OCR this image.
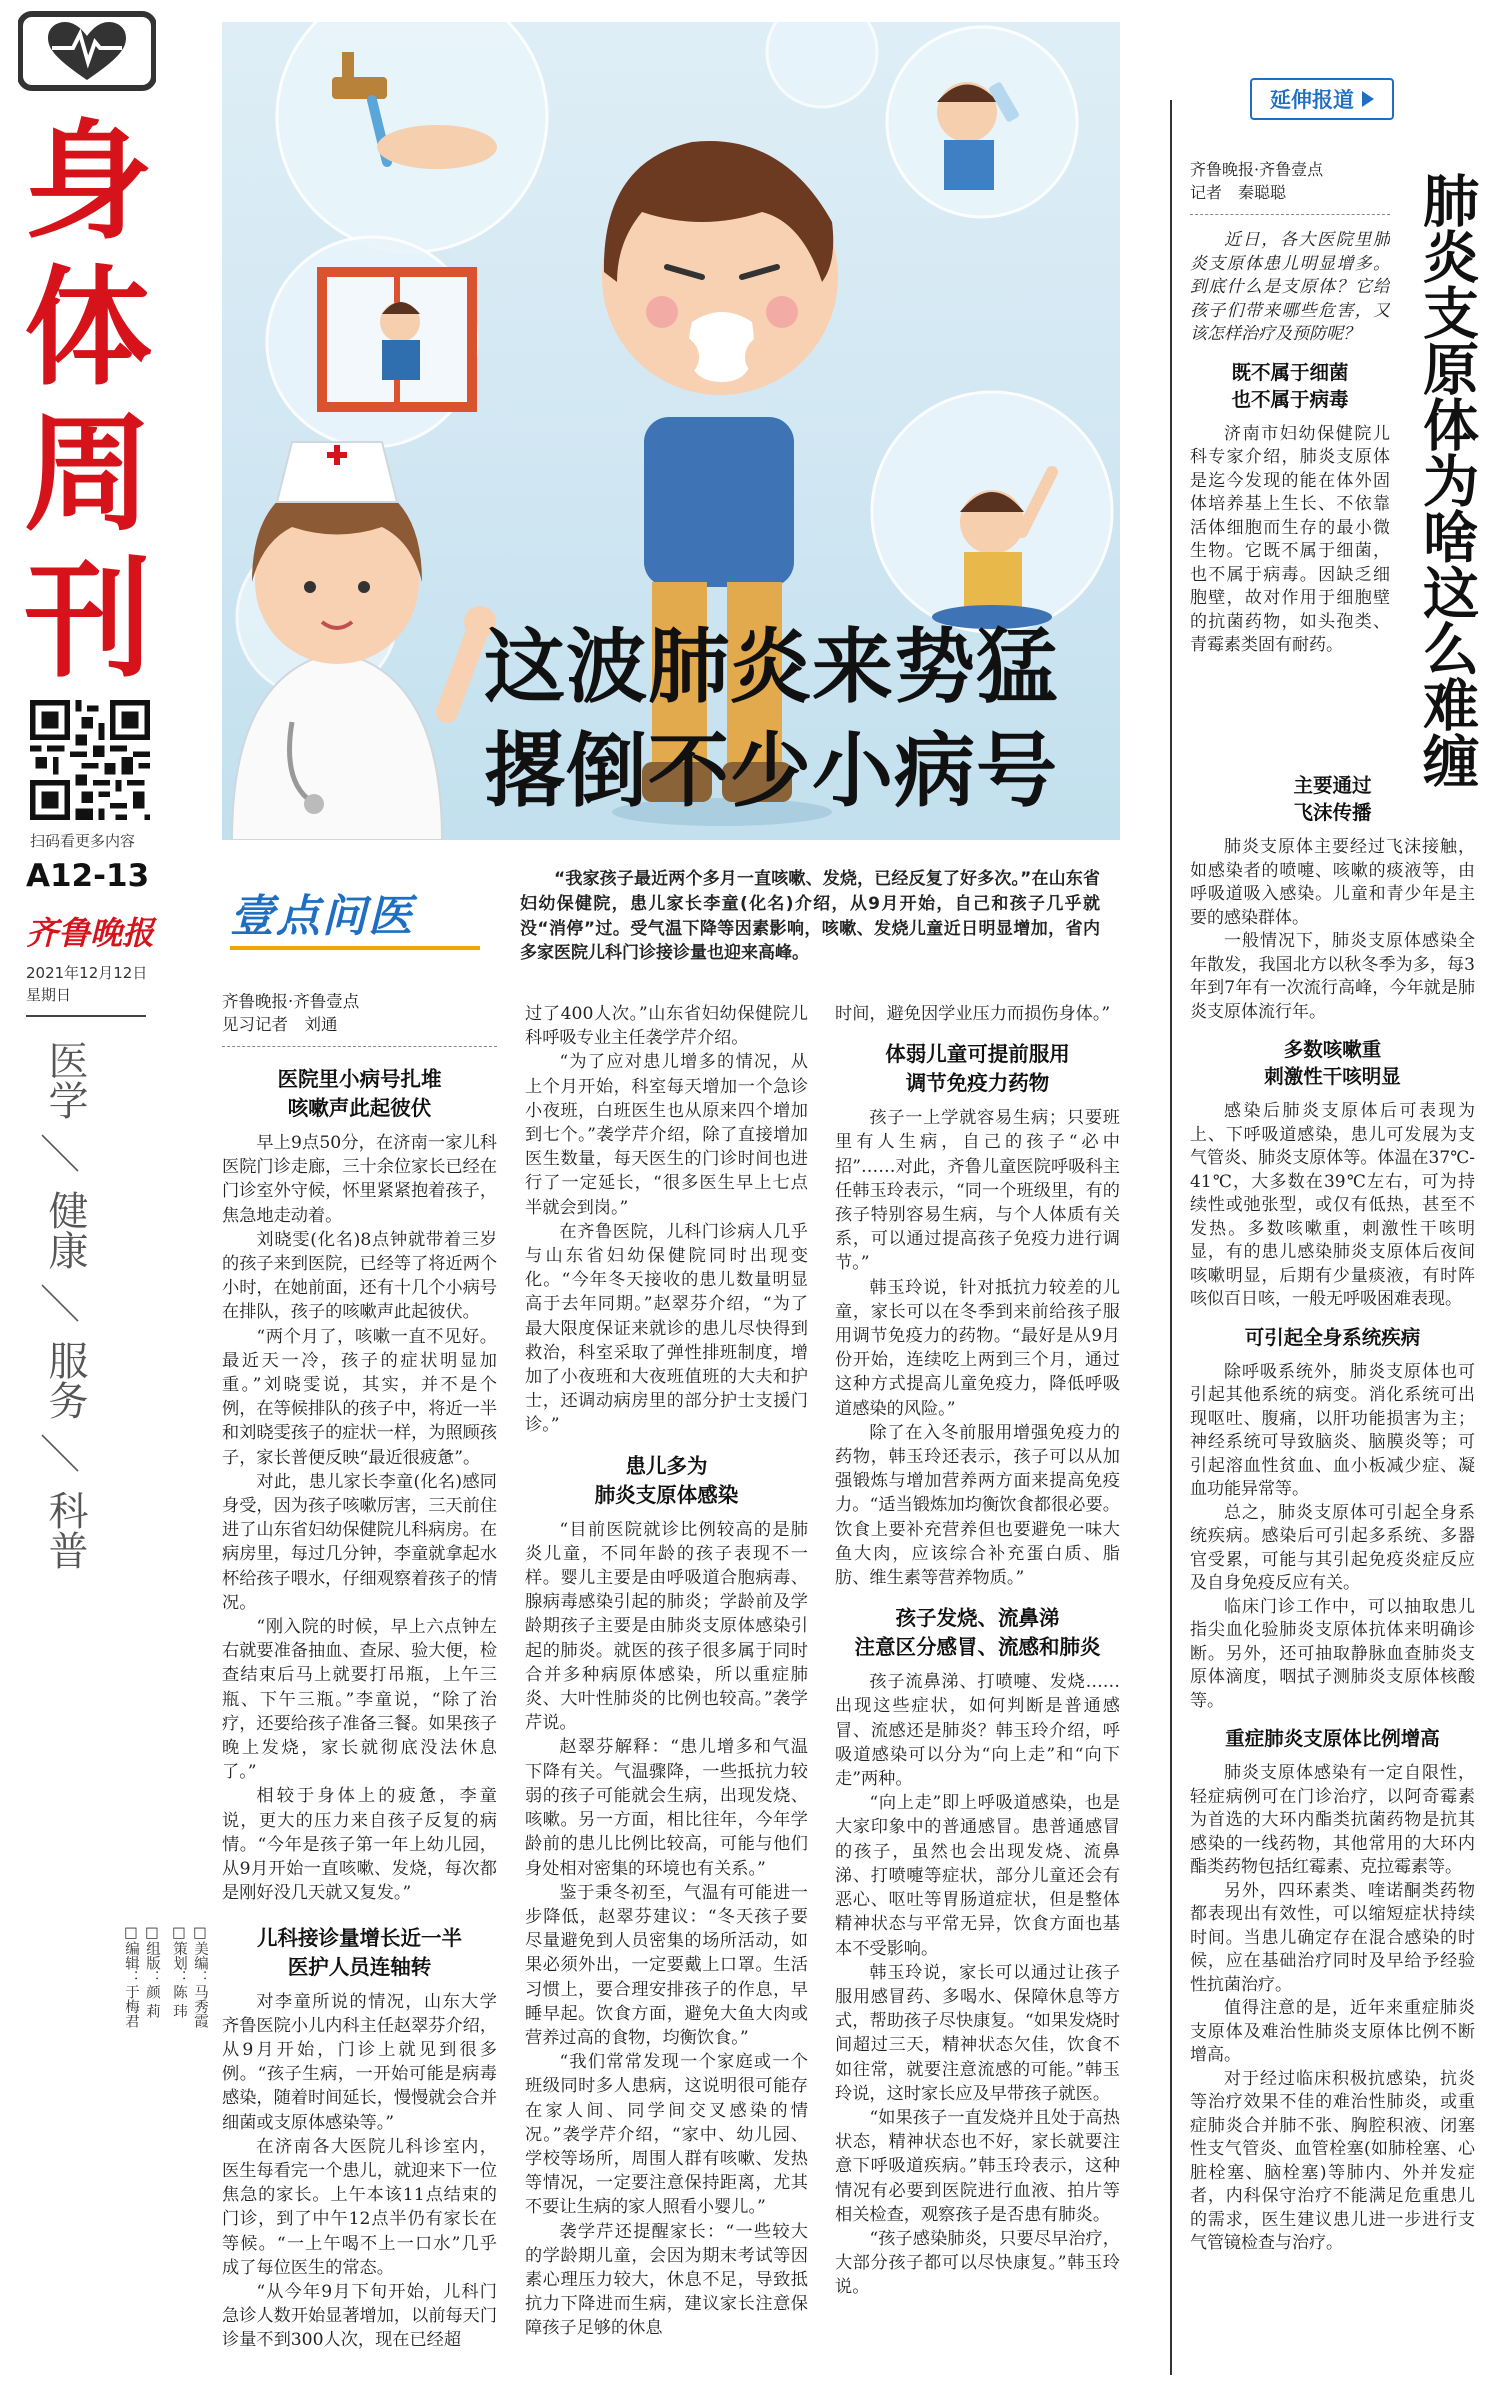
身体周刊
扫码看更多内容
A12-13
齐鲁晚报
2021年12月12日
星期日
医学
＼
健康
＼
服务
＼
科普
这波肺炎来势猛
撂倒不少小病号
壹点问医
“我家孩子最近两个多月一直咳嗽、发烧，已经反复了好多次。”在山东省妇幼保健院，患儿家长李童(化名)介绍，从9月开始，自己和孩子几乎就没“消停”过。受气温下降等因素影响，咳嗽、发烧儿童近日明显增加，省内多家医院儿科门诊接诊量也迎来高峰。
齐鲁晚报·齐鲁壹点
见习记者　刘通
医院里小病号扎堆
咳嗽声此起彼伏

早上9点50分，在济南一家儿科医院门诊走廊，三十余位家长已经在门诊室外守候，怀里紧紧抱着孩子，焦急地走动着。

刘晓雯(化名)8点钟就带着三岁的孩子来到医院，已经等了将近两个小时，在她前面，还有十几个小病号在排队，孩子的咳嗽声此起彼伏。

“两个月了，咳嗽一直不见好。最近天一冷，孩子的症状明显加重。”刘晓雯说，其实，并不是个例，在等候排队的孩子中，将近一半和刘晓雯孩子的症状一样，为照顾孩子，家长普便反映“最近很疲惫”。

对此，患儿家长李童(化名)感同身受，因为孩子咳嗽厉害，三天前住进了山东省妇幼保健院儿科病房。在病房里，每过几分钟，李童就拿起水杯给孩子喂水，仔细观察着孩子的情况。

“刚入院的时候，早上六点钟左右就要准备抽血、查尿、验大便，检查结束后马上就要打吊瓶，上午三瓶、下午三瓶。”李童说，“除了治疗，还要给孩子准备三餐。如果孩子晚上发烧，家长就彻底没法休息了。”

相较于身体上的疲惫，李童说，更大的压力来自孩子反复的病情。“今年是孩子第一年上幼儿园，从9月开始一直咳嗽、发烧，每次都是刚好没几天就又复发。”

儿科接诊量增长近一半
医护人员连轴转

对李童所说的情况，山东大学齐鲁医院小儿内科主任赵翠芬介绍，从9月开始，门诊上就见到很多例。“孩子生病，一开始可能是病毒感染，随着时间延长，慢慢就会合并细菌或支原体感染等。”

在济南各大医院儿科诊室内，医生每看完一个患儿，就迎来下一位焦急的家长。上午本该11点结束的门诊，到了中午12点半仍有家长在等候。“一上午喝不上一口水”几乎成了每位医生的常态。

“从今年9月下旬开始，儿科门急诊人数开始显著增加，以前每天门诊量不到300人次，现在已经超

□美编：马秀霞
□策划：陈 玮
□组版：颜 莉
□编辑：于梅君

过了400人次。”山东省妇幼保健院儿科呼吸专业主任袭学芹介绍。

“为了应对患儿增多的情况，从上个月开始，科室每天增加一个急诊小夜班，白班医生也从原来四个增加到七个。”袭学芹介绍，除了直接增加医生数量，每天医生的门诊时间也进行了一定延长，“很多医生早上七点半就会到岗。”

在齐鲁医院，儿科门诊病人几乎与山东省妇幼保健院同时出现变化。“今年冬天接收的患儿数量明显高于去年同期。”赵翠芬介绍，“为了最大限度保证来就诊的患儿尽快得到救治，科室采取了弹性排班制度，增加了小夜班和大夜班值班的大夫和护士，还调动病房里的部分护士支援门诊。”

患儿多为
肺炎支原体感染

“目前医院就诊比例较高的是肺炎儿童，不同年龄的孩子表现不一样。婴儿主要是由呼吸道合胞病毒、腺病毒感染引起的肺炎；学龄前及学龄期孩子主要是由肺炎支原体感染引起的肺炎。就医的孩子很多属于同时合并多种病原体感染，所以重症肺炎、大叶性肺炎的比例也较高。”袭学芹说。

赵翠芬解释：“患儿增多和气温下降有关。气温骤降，一些抵抗力较弱的孩子可能就会生病，出现发烧、咳嗽。另一方面，相比往年，今年学龄前的患儿比例比较高，可能与他们身处相对密集的环境也有关系。”

鉴于秉冬初至，气温有可能进一步降低，赵翠芬建议：“冬天孩子要尽量避免到人员密集的场所活动，如果必须外出，一定要戴上口罩。生活习惯上，要合理安排孩子的作息，早睡早起。饮食方面，避免大鱼大肉或营养过高的食物，均衡饮食。”

“我们常常发现一个家庭或一个班级同时多人患病，这说明很可能存在家人间、同学间交叉感染的情况。”袭学芹介绍，“家中、幼儿园、学校等场所，周围人群有咳嗽、发热等情况，一定要注意保持距离，尤其不要让生病的家人照看小婴儿。”

袭学芹还提醒家长：“一些较大的学龄期儿童，会因为期末考试等因素心理压力较大，休息不足，导致抵抗力下降进而生病，建议家长注意保障孩子足够的休息

时间，避免因学业压力而损伤身体。”

体弱儿童可提前服用
调节免疫力药物

孩子一上学就容易生病；只要班里有人生病，自己的孩子“必中招”……对此，齐鲁儿童医院呼吸科主任韩玉玲表示，“同一个班级里，有的孩子特别容易生病，与个人体质有关系，可以通过提高孩子免疫力进行调节。”

韩玉玲说，针对抵抗力较差的儿童，家长可以在冬季到来前给孩子服用调节免疫力的药物。“最好是从9月份开始，连续吃上两到三个月，通过这种方式提高儿童免疫力，降低呼吸道感染的风险。”

除了在入冬前服用增强免疫力的药物，韩玉玲还表示，孩子可以从加强锻炼与增加营养两方面来提高免疫力。“适当锻炼加均衡饮食都很必要。饮食上要补充营养但也要避免一味大鱼大肉，应该综合补充蛋白质、脂肪、维生素等营养物质。”

孩子发烧、流鼻涕
注意区分感冒、流感和肺炎

孩子流鼻涕、打喷嚏、发烧……出现这些症状，如何判断是普通感冒、流感还是肺炎？韩玉玲介绍，呼吸道感染可以分为“向上走”和“向下走”两种。

“向上走”即上呼吸道感染，也是大家印象中的普通感冒。患普通感冒的孩子，虽然也会出现发烧、流鼻涕、打喷嚏等症状，部分儿童还会有恶心、呕吐等胃肠道症状，但是整体精神状态与平常无异，饮食方面也基本不受影响。

韩玉玲说，家长可以通过让孩子服用感冒药、多喝水、保障休息等方式，帮助孩子尽快康复。“如果发烧时间超过三天，精神状态欠佳，饮食不如往常，就要注意流感的可能。”韩玉玲说，这时家长应及早带孩子就医。

“如果孩子一直发烧并且处于高热状态，精神状态也不好，家长就要注意下呼吸道疾病。”韩玉玲表示，这种情况有必要到医院进行血液、拍片等相关检查，观察孩子是否患有肺炎。

“孩子感染肺炎，只要尽早治疗，大部分孩子都可以尽快康复。”韩玉玲说。

延伸报道
肺炎支原体为啥这么难缠
齐鲁晚报·齐鲁壹点
记者　秦聪聪

近日，各大医院里肺炎支原体患儿明显增多。到底什么是支原体？它给孩子们带来哪些危害，又该怎样治疗及预防呢？

既不属于细菌
也不属于病毒

济南市妇幼保健院儿科专家介绍，肺炎支原体是迄今发现的能在体外固体培养基上生长、不依靠活体细胞而生存的最小微生物。它既不属于细菌，也不属于病毒。因缺乏细胞壁，故对作用于细胞壁的抗菌药物，如头孢类、青霉素类固有耐药。

主要通过
飞沫传播

肺炎支原体主要经过飞沫接触，如感染者的喷嚏、咳嗽的痰液等，由呼吸道吸入感染。儿童和青少年是主要的感染群体。

一般情况下，肺炎支原体感染全年散发，我国北方以秋冬季为多，每3年到7年有一次流行高峰，今年就是肺炎支原体流行年。

多数咳嗽重
刺激性干咳明显

感染后肺炎支原体后可表现为上、下呼吸道感染，患儿可发展为支气管炎、肺炎支原体等。体温在37℃-41℃，大多数在39℃左右，可为持续性或弛张型，或仅有低热，甚至不发热。多数咳嗽重，刺激性干咳明显，有的患儿感染肺炎支原体后夜间咳嗽明显，后期有少量痰液，有时阵咳似百日咳，一般无呼吸困难表现。

可引起全身系统疾病

除呼吸系统外，肺炎支原体也可引起其他系统的病变。消化系统可出现呕吐、腹痛，以肝功能损害为主；神经系统可导致脑炎、脑膜炎等；可引起溶血性贫血、血小板减少症、凝血功能异常等。

总之，肺炎支原体可引起全身系统疾病。感染后可引起多系统、多器官受累，可能与其引起免疫炎症反应及自身免疫反应有关。

临床门诊工作中，可以抽取患儿指尖血化验肺炎支原体抗体来明确诊断。另外，还可抽取静脉血查肺炎支原体滴度，咽拭子测肺炎支原体核酸等。

重症肺炎支原体比例增高

肺炎支原体感染有一定自限性，轻症病例可在门诊治疗，以阿奇霉素为首选的大环内酯类抗菌药物是抗其感染的一线药物，其他常用的大环内酯类药物包括红霉素、克拉霉素等。

另外，四环素类、喹诺酮类药物都表现出有效性，可以缩短症状持续时间。当患儿确定存在混合感染的时候，应在基础治疗同时及早给予经验性抗菌治疗。

值得注意的是，近年来重症肺炎支原体及难治性肺炎支原体比例不断增高。

对于经过临床积极抗感染，抗炎等治疗效果不佳的难治性肺炎，或重症肺炎合并肺不张、胸腔积液、闭塞性支气管炎、血管栓塞(如肺栓塞、心脏栓塞、脑栓塞)等肺内、外并发症者，内科保守治疗不能满足危重患儿的需求，医生建议患儿进一步进行支气管镜检查与治疗。
